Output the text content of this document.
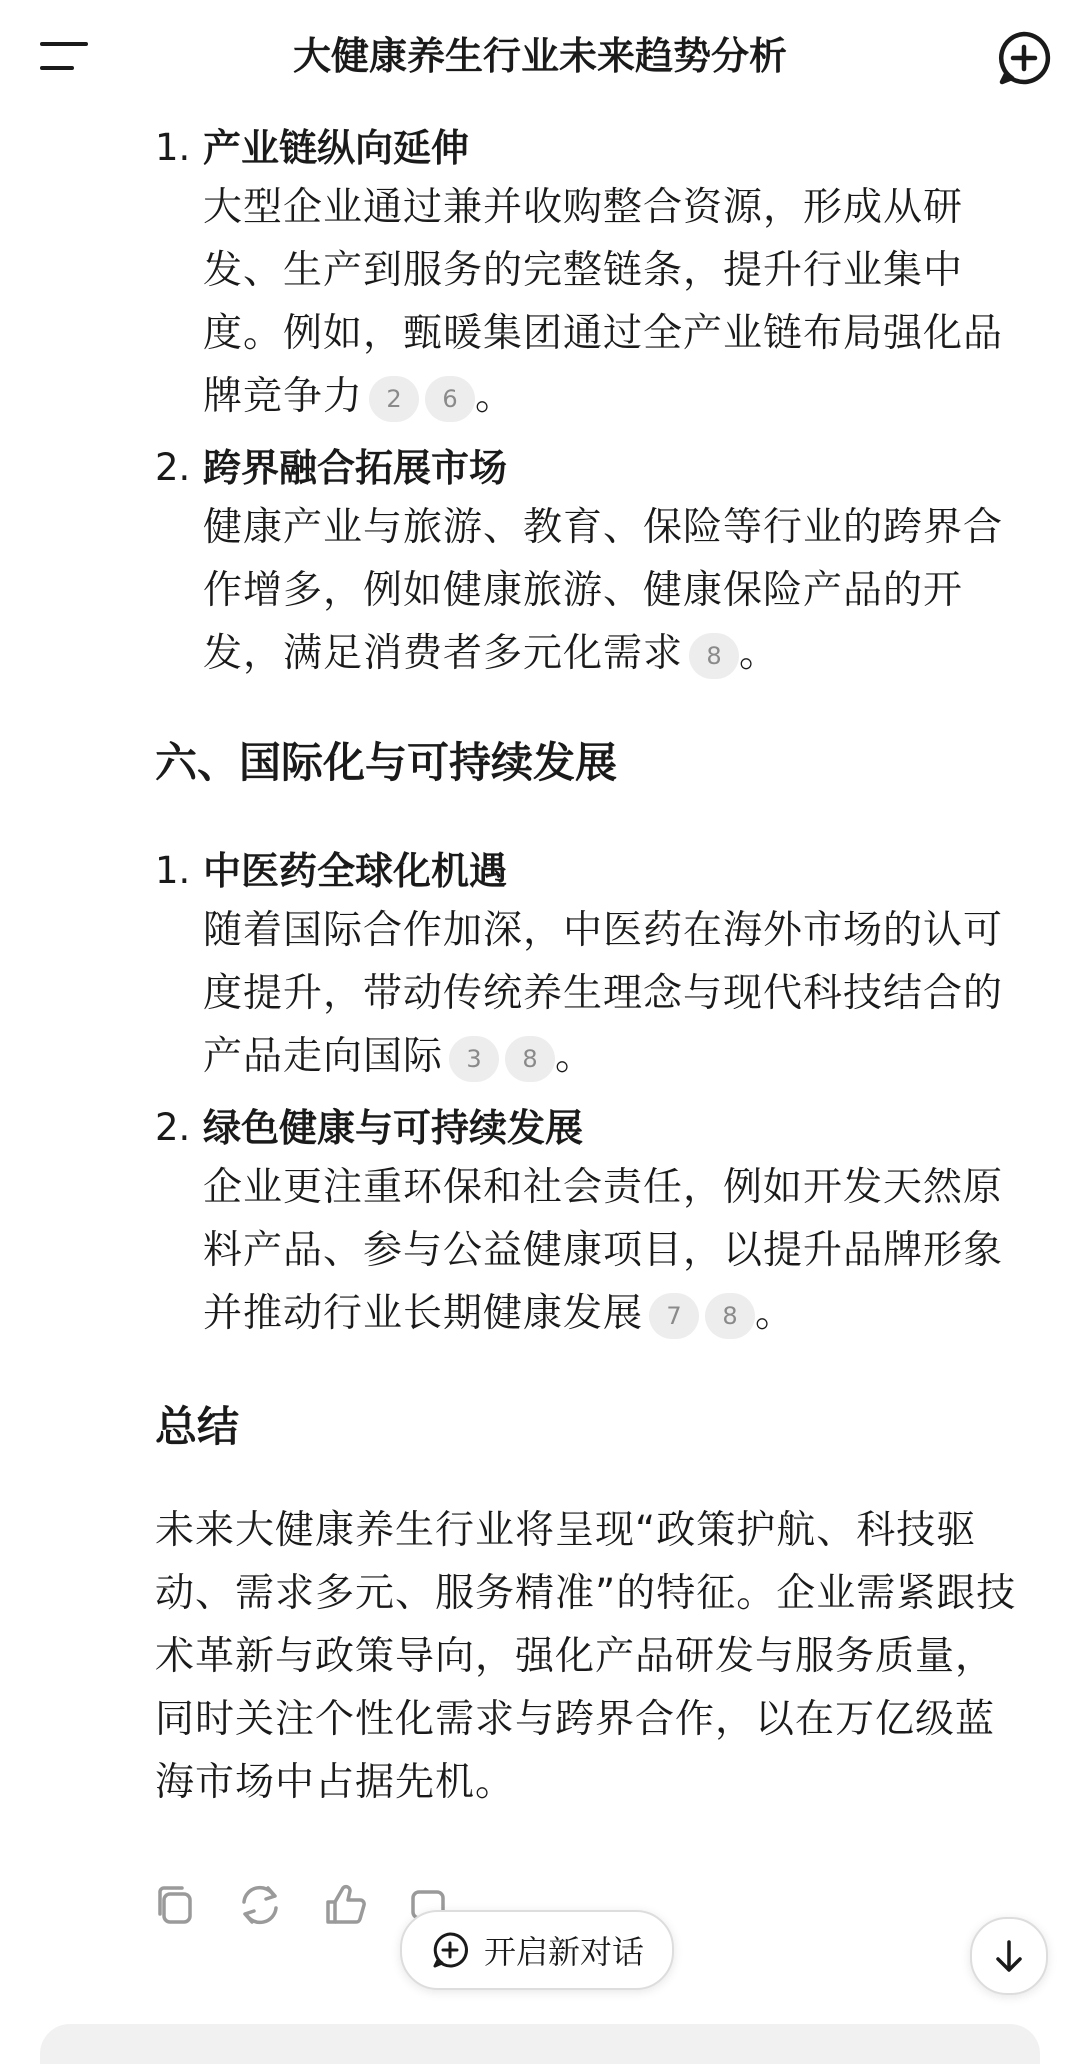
大健康养生行业未来趋势分析
1. 产业链纵向延伸

大型企业通过兼并收购整合资源，形成从研发、生产到服务的完整链条，提升行业集中度。例如，甄暖集团通过全产业链布局强化品牌竞争力 2 6 。

2. 跨界融合拓展市场

健康产业与旅游、教育、保险等行业的跨界合作增多，例如健康旅游、健康保险产品的开发，满足消费者多元化需求 8 。

六、国际化与可持续发展
1. 中医药全球化机遇

随着国际合作加深，中医药在海外市场的认可度提升，带动传统养生理念与现代科技结合的产品走向国际 3 8 。

2. 绿色健康与可持续发展

企业更注重环保和社会责任，例如开发天然原料产品、参与公益健康项目，以提升品牌形象并推动行业长期健康发展 7 8 。

总结

未来大健康养生行业将呈现“政策护航、科技驱动、需求多元、服务精准”的特征。企业需紧跟技术革新与政策导向，强化产品研发与服务质量，同时关注个性化需求与跨界合作，以在万亿级蓝海市场中占据先机。

开启新对话
